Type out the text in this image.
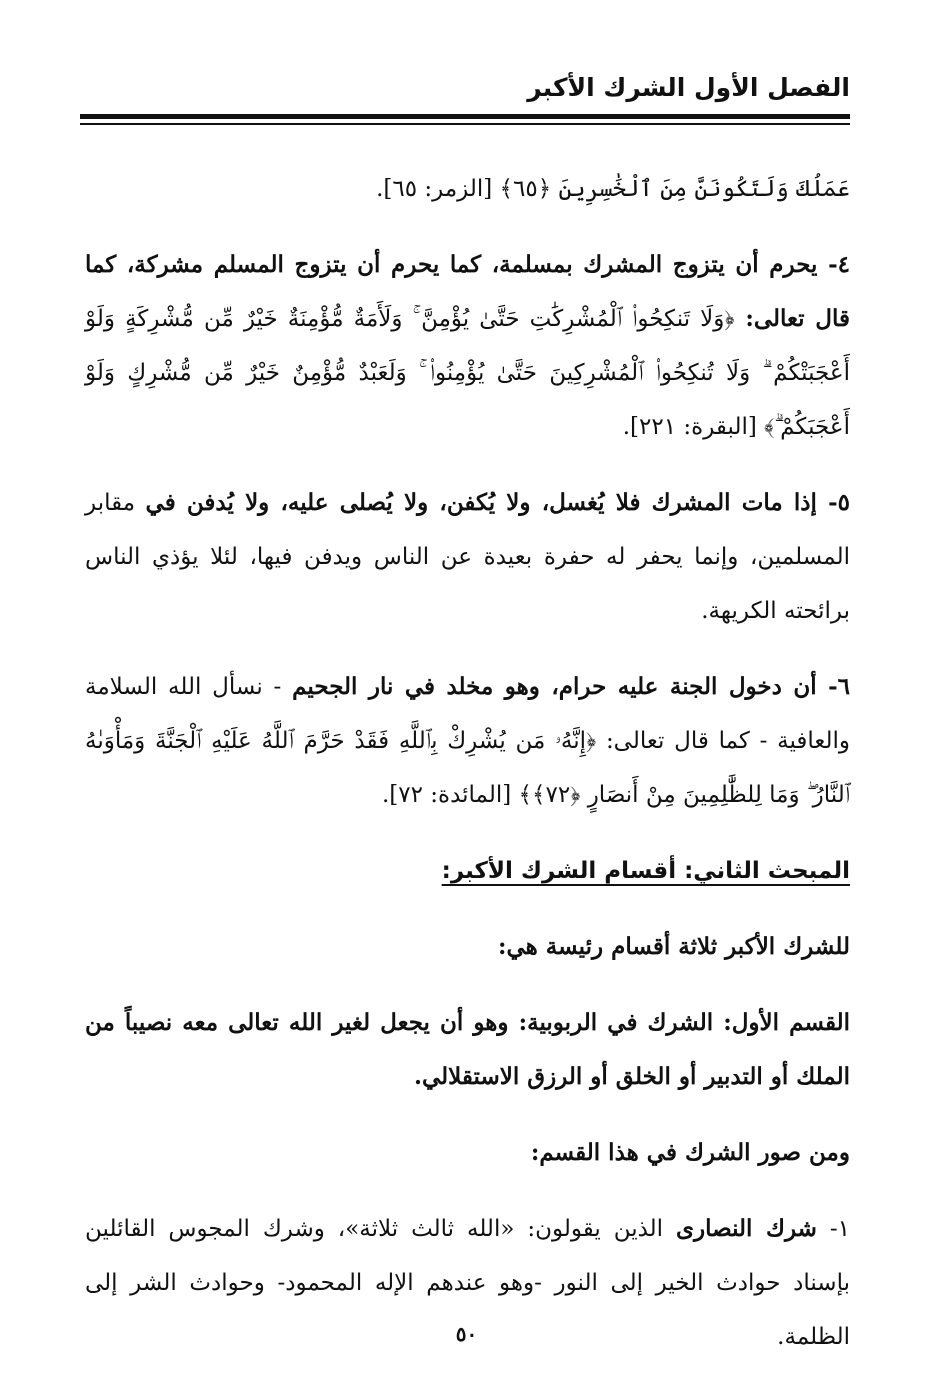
الفصل الأول الشرك الأكبر

عَمَلُكَ وَلَتَكُونَنَّ مِنَ ٱلْخَٰسِرِينَ ﴿٦٥﴾ [الزمر: ٦٥].

٤- يحرم أن يتزوج المشرك بمسلمة، كما يحرم أن يتزوج المسلم مشركة، كما قال تعالى: ﴿وَلَا تَنكِحُوا۟ ٱلْمُشْرِكَٰتِ حَتَّىٰ يُؤْمِنَّ ۚ وَلَأَمَةٌ مُّؤْمِنَةٌ خَيْرٌ مِّن مُّشْرِكَةٍ وَلَوْ أَعْجَبَتْكُمْ ۗ وَلَا تُنكِحُوا۟ ٱلْمُشْرِكِينَ حَتَّىٰ يُؤْمِنُوا۟ ۚ وَلَعَبْدٌ مُّؤْمِنٌ خَيْرٌ مِّن مُّشْرِكٍ وَلَوْ أَعْجَبَكُمْ ۗ﴾ [البقرة: ٢٢١].

٥- إذا مات المشرك فلا يُغسل، ولا يُكفن، ولا يُصلى عليه، ولا يُدفن في مقابر المسلمين، وإنما يحفر له حفرة بعيدة عن الناس ويدفن فيها، لئلا يؤذي الناس برائحته الكريهة.

٦- أن دخول الجنة عليه حرام، وهو مخلد في نار الجحيم - نسأل الله السلامة والعافية - كما قال تعالى: ﴿إِنَّهُۥ مَن يُشْرِكْ بِٱللَّهِ فَقَدْ حَرَّمَ ٱللَّهُ عَلَيْهِ ٱلْجَنَّةَ وَمَأْوَىٰهُ ٱلنَّارُ ۖ وَمَا لِلظَّٰلِمِينَ مِنْ أَنصَارٍ ﴿٧٢﴾﴾ [المائدة: ٧٢].

المبحث الثاني: أقسام الشرك الأكبر:

للشرك الأكبر ثلاثة أقسام رئيسة هي:

القسم الأول: الشرك في الربوبية: وهو أن يجعل لغير الله تعالى معه نصيباً من الملك أو التدبير أو الخلق أو الرزق الاستقلالي.

ومن صور الشرك في هذا القسم:

١- شرك النصارى الذين يقولون: «الله ثالث ثلاثة»، وشرك المجوس القائلين بإسناد حوادث الخير إلى النور -وهو عندهم الإله المحمود- وحوادث الشر إلى الظلمة.

٥٠
